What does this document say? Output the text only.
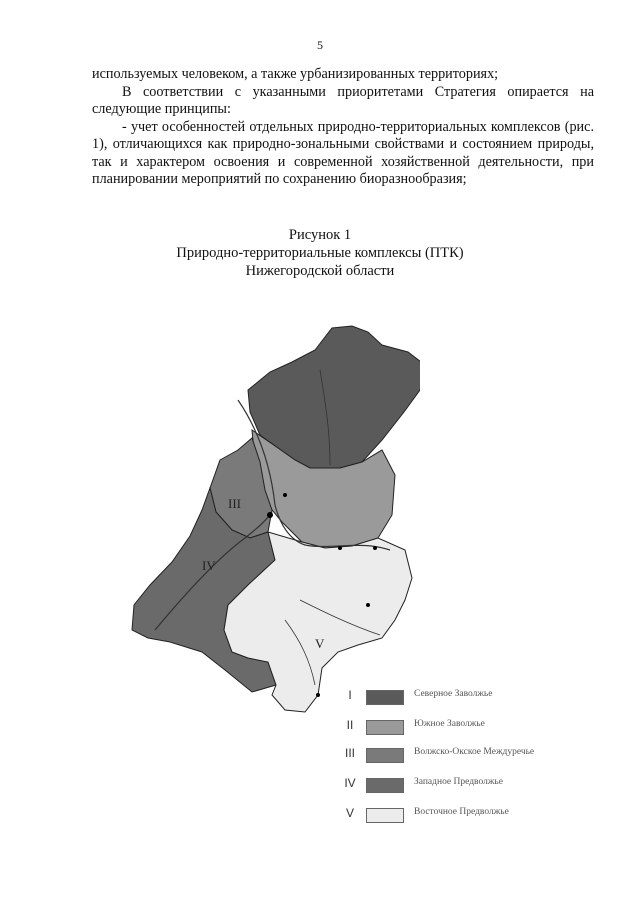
5

используемых человеком, а также урбанизированных территориях;

В соответствии с указанными приоритетами Стратегия опирается на следующие принципы:

- учет особенностей отдельных природно-территориальных комплексов (рис. 1), отличающихся как природно-зональными свойствами и состоянием природы, так и характером освоения и современной хозяйственной деятельности, при планировании мероприятий по сохранению биоразнообразия;

Рисунок 1
Природно-территориальные комплексы (ПТК)
Нижегородской области
III
IV
V
I	Северное Заволжье
II	Южное Заволжье
III	Волжско-Окское Междуречье
IV	Западное Предволжье
V	Восточное Предволжье
